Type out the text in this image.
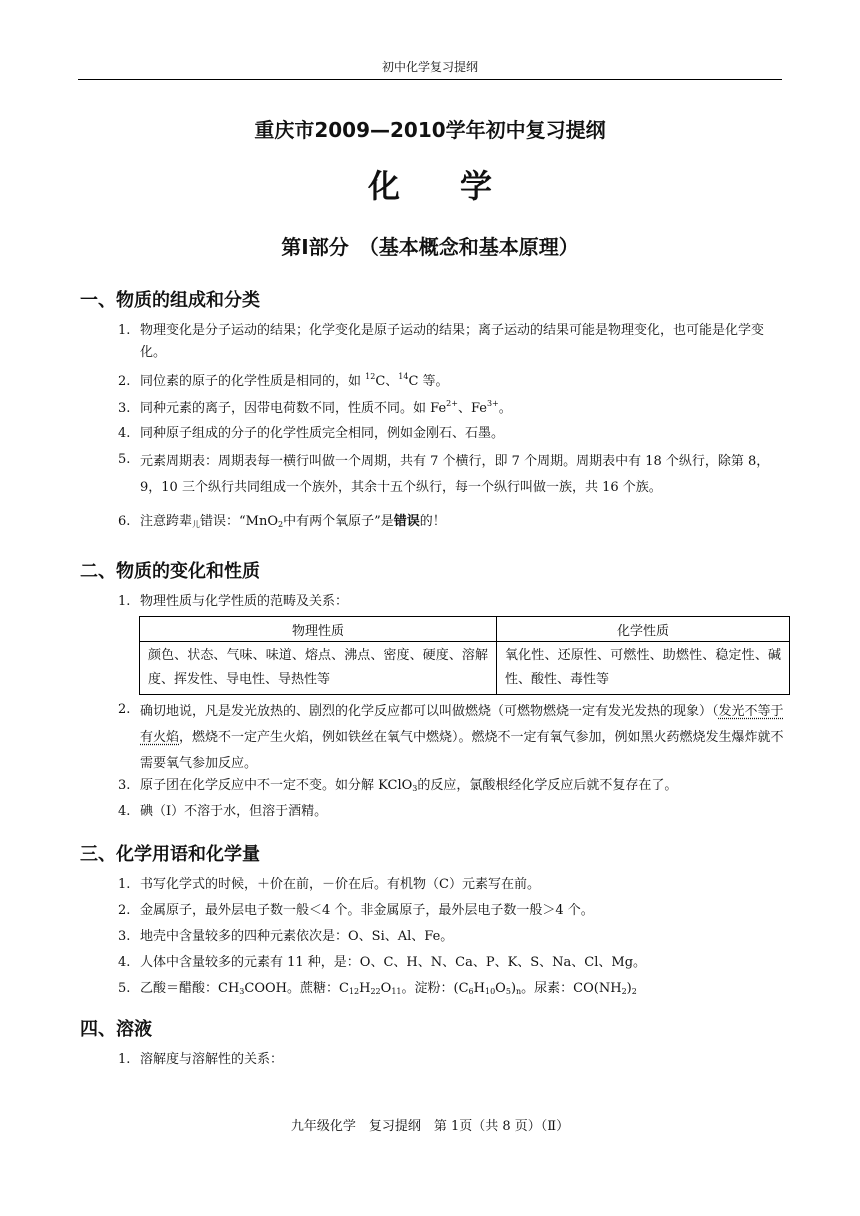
初中化学复习提纲
重庆市2009—2010学年初中复习提纲
化学
第Ⅰ部分　（基本概念和基本原理）
一、物质的组成和分类
1. 物理变化是分子运动的结果；化学变化是原子运动的结果；离子运动的结果可能是物理变化，也可能是化学变化。
2. 同位素的原子的化学性质是相同的，如 $^{12}$C、$^{14}$C 等。
3. 同种元素的离子，因带电荷数不同，性质不同。如 $Fe^{2+}$、$Fe^{3+}$。
4. 同种原子组成的分子的化学性质完全相同，例如金刚石、石墨。
5. 元素周期表：周期表每一横行叫做一个周期，共有 7 个横行，即 7 个周期。周期表中有 18 个纵行，除第 8，9，10 三个纵行共同组成一个族外，其余十五个纵行，每一个纵行叫做一族，共 16 个族。
6. 注意跨辈$_儿$错误：“MnO$_2$中有两个氧原子”是错误的！
二、物质的变化和性质
1. 物理性质与化学性质的范畴及关系：
物理性质	化学性质
颜色、状态、气味、味道、熔点、沸点、密度、硬度、溶解度、挥发性、导电性、导热性等	氧化性、还原性、可燃性、助燃性、稳定性、碱性、酸性、毒性等
2. 确切地说，凡是发光放热的、剧烈的化学反应都可以叫做燃烧（可燃物燃烧一定有发光发热的现象）（发光不等于有火焰，燃烧不一定产生火焰，例如铁丝在氧气中燃烧）。燃烧不一定有氧气参加，例如黑火药燃烧发生爆炸就不需要氧气参加反应。
3. 原子团在化学反应中不一定不变。如分解 KClO$_3$的反应，氯酸根经化学反应后就不复存在了。
4. 碘（I）不溶于水，但溶于酒精。
三、化学用语和化学量
1. 书写化学式的时候，＋价在前，－价在后。有机物（C）元素写在前。
2. 金属原子，最外层电子数一般＜4 个。非金属原子，最外层电子数一般＞4 个。
3. 地壳中含量较多的四种元素依次是：O、Si、Al、Fe。
4. 人体中含量较多的元素有 11 种，是：O、C、H、N、Ca、P、K、S、Na、Cl、Mg。
5. 乙酸＝醋酸：$CH_3COOH$。蔗糖：$C_{12}H_{22}O_{11}$。淀粉：$(C_6H_{10}O_5)_n$。尿素：$CO(NH_2)_2$
四、溶液
1. 溶解度与溶解性的关系：
九年级化学　复习提纲　第 1页（共 8 页）（Ⅱ）
